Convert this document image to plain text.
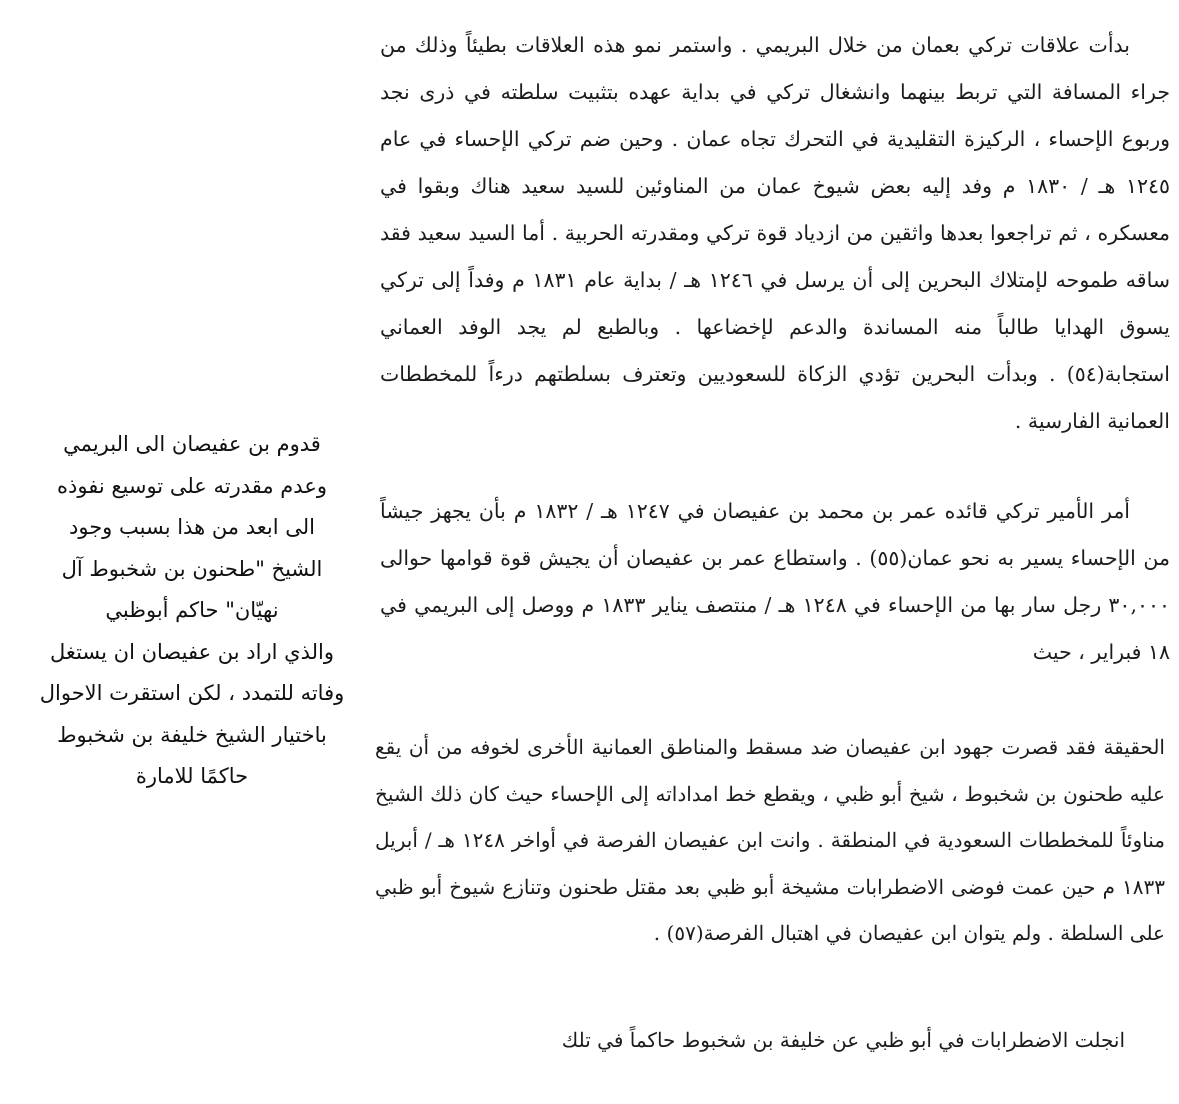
بدأت علاقات تركي بعمان من خلال البريمي . واستمر نمو هذه العلاقات بطيئاً وذلك من جراء المسافة التي تربط بينهما وانشغال تركي في بداية عهده بتثبيت سلطته في ذرى نجد وربوع الإحساء ، الركيزة التقليدية في التحرك تجاه عمان . وحين ضم تركي الإحساء في عام ١٢٤٥ هـ / ١٨٣٠ م وفد إليه بعض شيوخ عمان من المناوئين للسيد سعيد هناك وبقوا في معسكره ، ثم تراجعوا بعدها واثقين من ازدياد قوة تركي ومقدرته الحربية . أما السيد سعيد فقد ساقه طموحه لإمتلاك البحرين إلى أن يرسل في ١٢٤٦ هـ / بداية عام ١٨٣١ م وفداً إلى تركي يسوق الهدايا طالباً منه المساندة والدعم لإخضاعها . وبالطبع لم يجد الوفد العماني استجابة(٥٤) . وبدأت البحرين تؤدي الزكاة للسعوديين وتعترف بسلطتهم درءاً للمخططات العمانية الفارسية .

أمر الأمير تركي قائده عمر بن محمد بن عفيصان في ١٢٤٧ هـ / ١٨٣٢ م بأن يجهز جيشاً من الإحساء يسير به نحو عمان(٥٥) . واستطاع عمر بن عفيصان أن يجيش قوة قوامها حوالى ٣٠,٠٠٠ رجل سار بها من الإحساء في ١٢٤٨ هـ / منتصف يناير ١٨٣٣ م ووصل إلى البريمي في ١٨ فبراير ، حيث

الحقيقة فقد قصرت جهود ابن عفيصان ضد مسقط والمناطق العمانية الأخرى لخوفه من أن يقع عليه طحنون بن شخبوط ، شيخ أبو ظبي ، ويقطع خط امداداته إلى الإحساء حيث كان ذلك الشيخ مناوئاً للمخططات السعودية في المنطقة . وانت ابن عفيصان الفرصة في أواخر ١٢٤٨ هـ / أبريل ١٨٣٣ م حين عمت فوضى الاضطرابات مشيخة أبو ظبي بعد مقتل طحنون وتنازع شيوخ أبو ظبي على السلطة . ولم يتوان ابن عفيصان في اهتبال الفرصة(٥٧) .

انجلت الاضطرابات في أبو ظبي عن خليفة بن شخبوط حاكماً في تلك

قدوم بن عفيصان الى البريمي
وعدم مقدرته على توسيع نفوذه
الى ابعد من هذا بسبب وجود
الشيخ "طحنون بن شخبوط آل
نهيّان" حاكم أبوظبي
والذي اراد بن عفيصان ان يستغل
وفاته للتمدد ، لكن استقرت الاحوال
باختيار الشيخ خليفة بن شخبوط
حاكمًا للامارة
